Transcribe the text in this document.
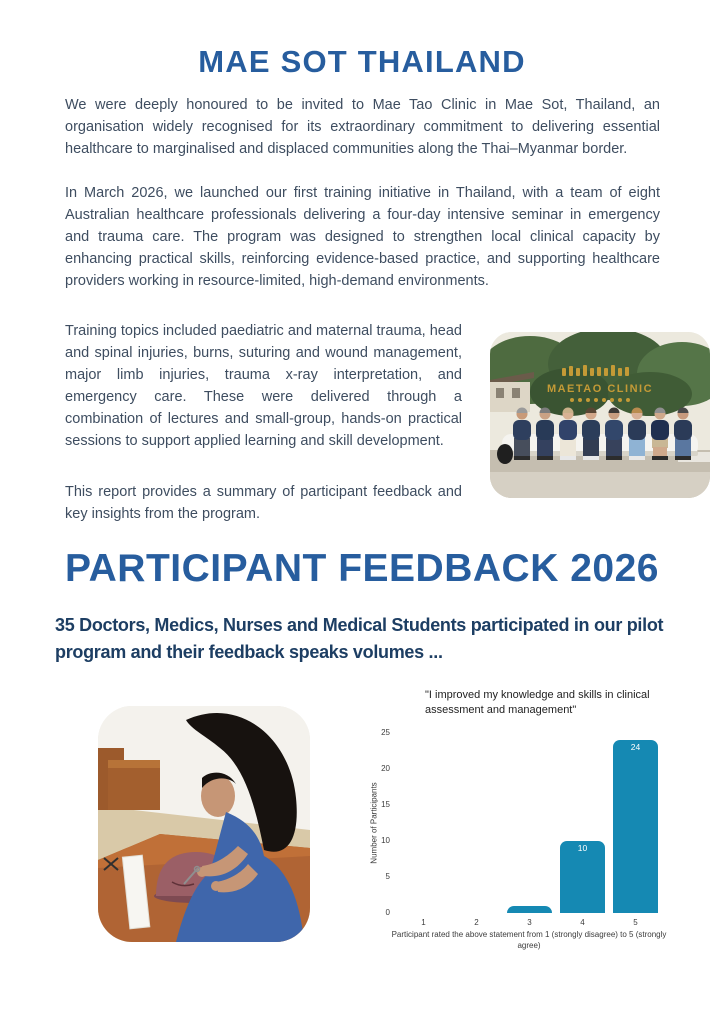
MAE SOT THAILAND
We were deeply honoured to be invited to Mae Tao Clinic in Mae Sot, Thailand, an organisation widely recognised for its extraordinary commitment to delivering essential healthcare to marginalised and displaced communities along the Thai–Myanmar border.
In March 2026, we launched our first training initiative in Thailand, with a team of eight Australian healthcare professionals delivering a four-day intensive seminar in emergency and trauma care. The program was designed to strengthen local clinical capacity by enhancing practical skills, reinforcing evidence-based practice, and supporting healthcare providers working in resource-limited, high-demand environments.
Training topics included paediatric and maternal trauma, head and spinal injuries, burns, suturing and wound management, major limb injuries, trauma x-ray interpretation, and emergency care. These were delivered through a combination of lectures and small-group, hands-on practical sessions to support applied learning and skill development.
This report provides a summary of participant feedback and key insights from the program.
MAETAO CLINIC
PARTICIPANT FEEDBACK 2026
35 Doctors, Medics, Nurses and Medical Students participated in our pilot
program and their feedback speaks volumes ...
"I improved my knowledge and skills in clinical assessment and management"
Number of Participants
Participant rated the above statement from 1 (strongly disagree) to 5 (strongly agree)
0
5
10
15
20
25
1	2	3
10
4
24
5
